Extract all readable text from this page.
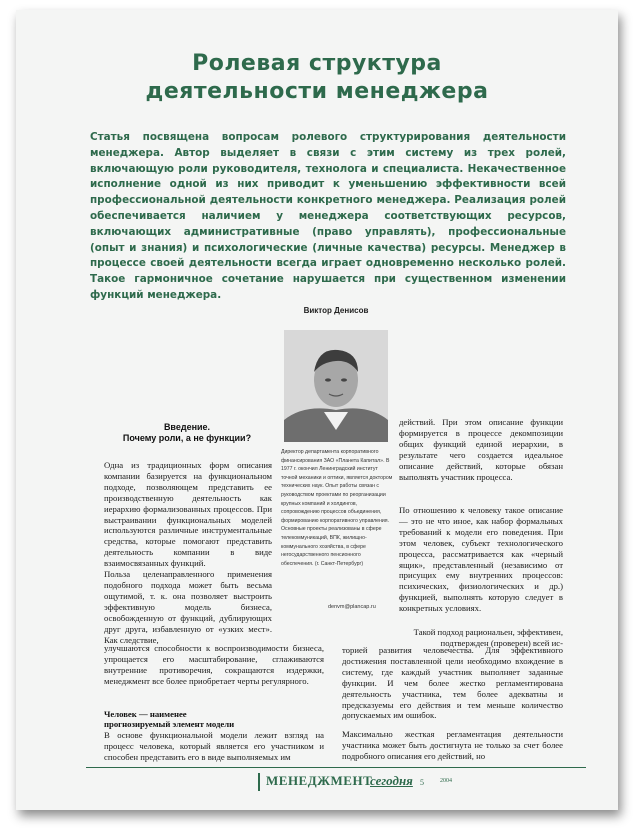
Ролевая структура
деятельности менеджера
Статья посвящена вопросам ролевого структурирования деятельности менеджера. Автор выделяет в связи с этим систему из трех ролей, включающую роли руководителя, технолога и специалиста. Некачественное исполнение одной из них приводит к уменьшению эффективности всей профессиональной деятельности конкретного менеджера. Реализация ролей обеспечивается наличием у менеджера соответствующих ресурсов, включающих административные (право управлять), профессиональные (опыт и знания) и психологические (личные качества) ресурсы. Менеджер в процессе своей деятельности всегда играет одновременно несколько ролей. Такое гармоничное сочетание нарушается при существенном изменении функций менеджера.
Виктор Денисов
Директор департамента корпоративного финансирования ЗАО «Планета Капитал». В 1977 г. окончил Ленинградский институт точной механики и оптики, является доктором технических наук. Опыт работы связан с руководством проектами по реорганизации крупных компаний и холдингов, сопровождению процессов объединения, формированию корпоративного управления. Основные проекты реализованы в сфере телекоммуникаций, ВПК, жилищно-коммунального хозяйства, в сфере негосударственного пенсионного обеспечения. (г. Санкт-Петербург)
denvm@plancap.ru
Введение.
Почему роли, а не функции?
Одна из традиционных форм описания компании базируется на функциональном подходе, позволяющем представить ее производственную деятельность как иерархию формализованных процессов. При выстраивании функциональных моделей используются различные инструментальные средства, которые помогают представить деятельность компании в виде взаимосвязанных функций.
Польза целенаправленного применения подобного подхода может быть весьма ощутимой, т. к. она позволяет выстроить эффективную модель бизнеса, освобожденную от функций, дублирующих друг друга, избавленную от «узких мест». Как следствие,
улучшаются способности к воспроизводимости бизнеса, упрощается его масштабирование, сглаживаются внутренние противоречия, сокращаются издержки, менеджмент все более приобретает черты регулярного.
Человек — наименее
прогнозируемый элемент модели
В основе функциональной модели лежит взгляд на процесс человека, который является его участником и способен представить его в виде выполняемых им
действий. При этом описание функции формируется в процессе декомпозиции общих функций единой иерархии, в результате чего создается идеальное описание действий, которые обязан выполнять участник процесса.
По отношению к человеку такое описание — это не что иное, как набор формальных требований к модели его поведения. При этом человек, субъект технологического процесса, рассматривается как «черный ящик», представленный (независимо от присущих ему внутренних процессов: психических, физиологических и др.) функцией, выполнять которую следует в конкретных условиях.
Такой подход рациональен, эффективен, подтвержден (проверен) всей ис-
торией развития человечества. Для эффективного достижения поставленной цели необходимо вхождение в систему, где каждый участник выполняет заданные функции. И чем более жестко регламентирована деятельность участника, тем более адекватны и предсказуемы его действия и тем меньше количество допускаемых им ошибок.
Максимально жесткая регламентация деятельности участника может быть достигнута не только за счет более подробного описания его действий, но
МЕНЕДЖМЕНТ
сегодня 5	2004
